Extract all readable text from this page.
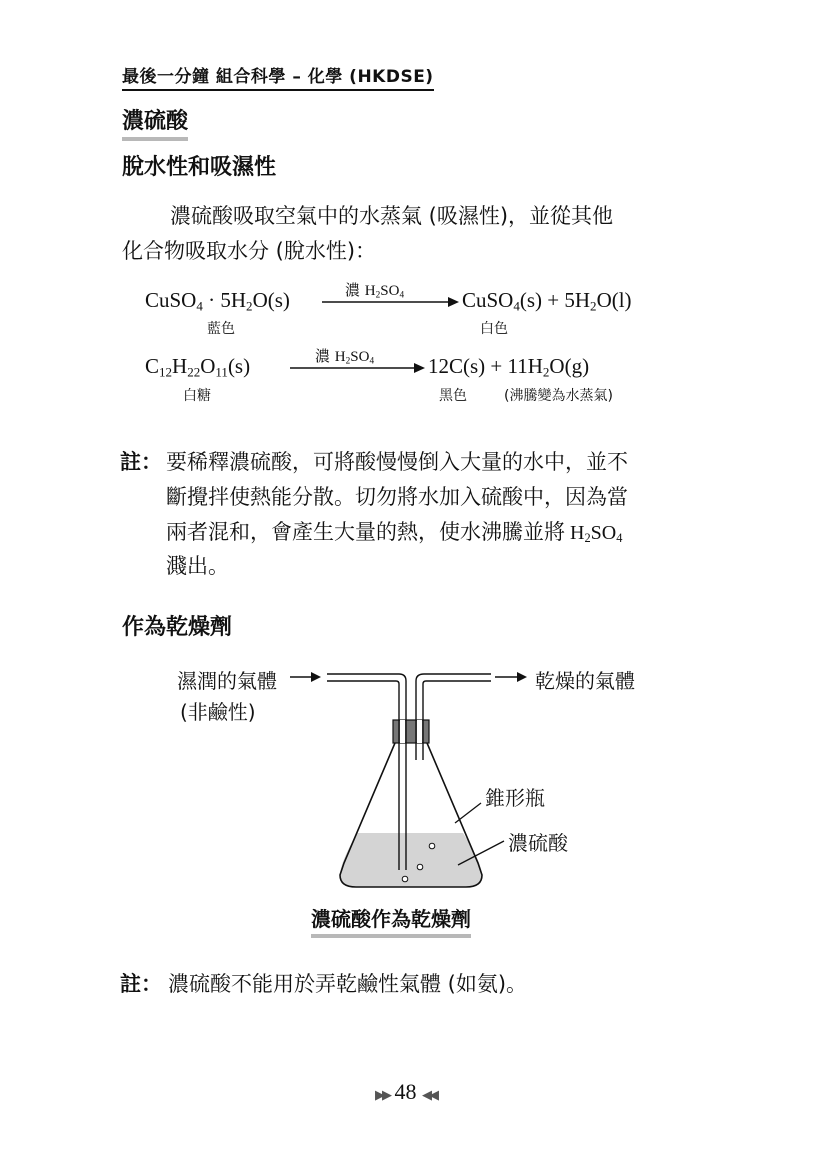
最後一分鐘 組合科學 – 化學 (HKDSE)
濃硫酸
脫水性和吸濕性
濃硫酸吸取空氣中的水蒸氣 (吸濕性)，並從其他
化合物吸取水分 (脫水性)：
CuSO$_4$ · $5H_2O(s)$	濃 $H_2SO_4$	CuSO$_4$(s) + $5H_2O(l)$
藍色	白色
$C_{12}H_{22}O_{11}(s)$	濃 $H_2SO_4$	$12C(s) + 11H_2O(g)$
白糖	黑色	(沸騰變為水蒸氣)
註： 要稀釋濃硫酸，可將酸慢慢倒入大量的水中，並不
斷攪拌使熱能分散。切勿將水加入硫酸中，因為當
兩者混和，會產生大量的熱，使水沸騰並將 $H_2SO_4$
濺出。
作為乾燥劑
濕潤的氣體
(非鹼性)
乾燥的氣體
錐形瓶
濃硫酸
濃硫酸作為乾燥劑
註： 濃硫酸不能用於弄乾鹼性氣體 (如氨)。
▶▶ 48 ◀◀
